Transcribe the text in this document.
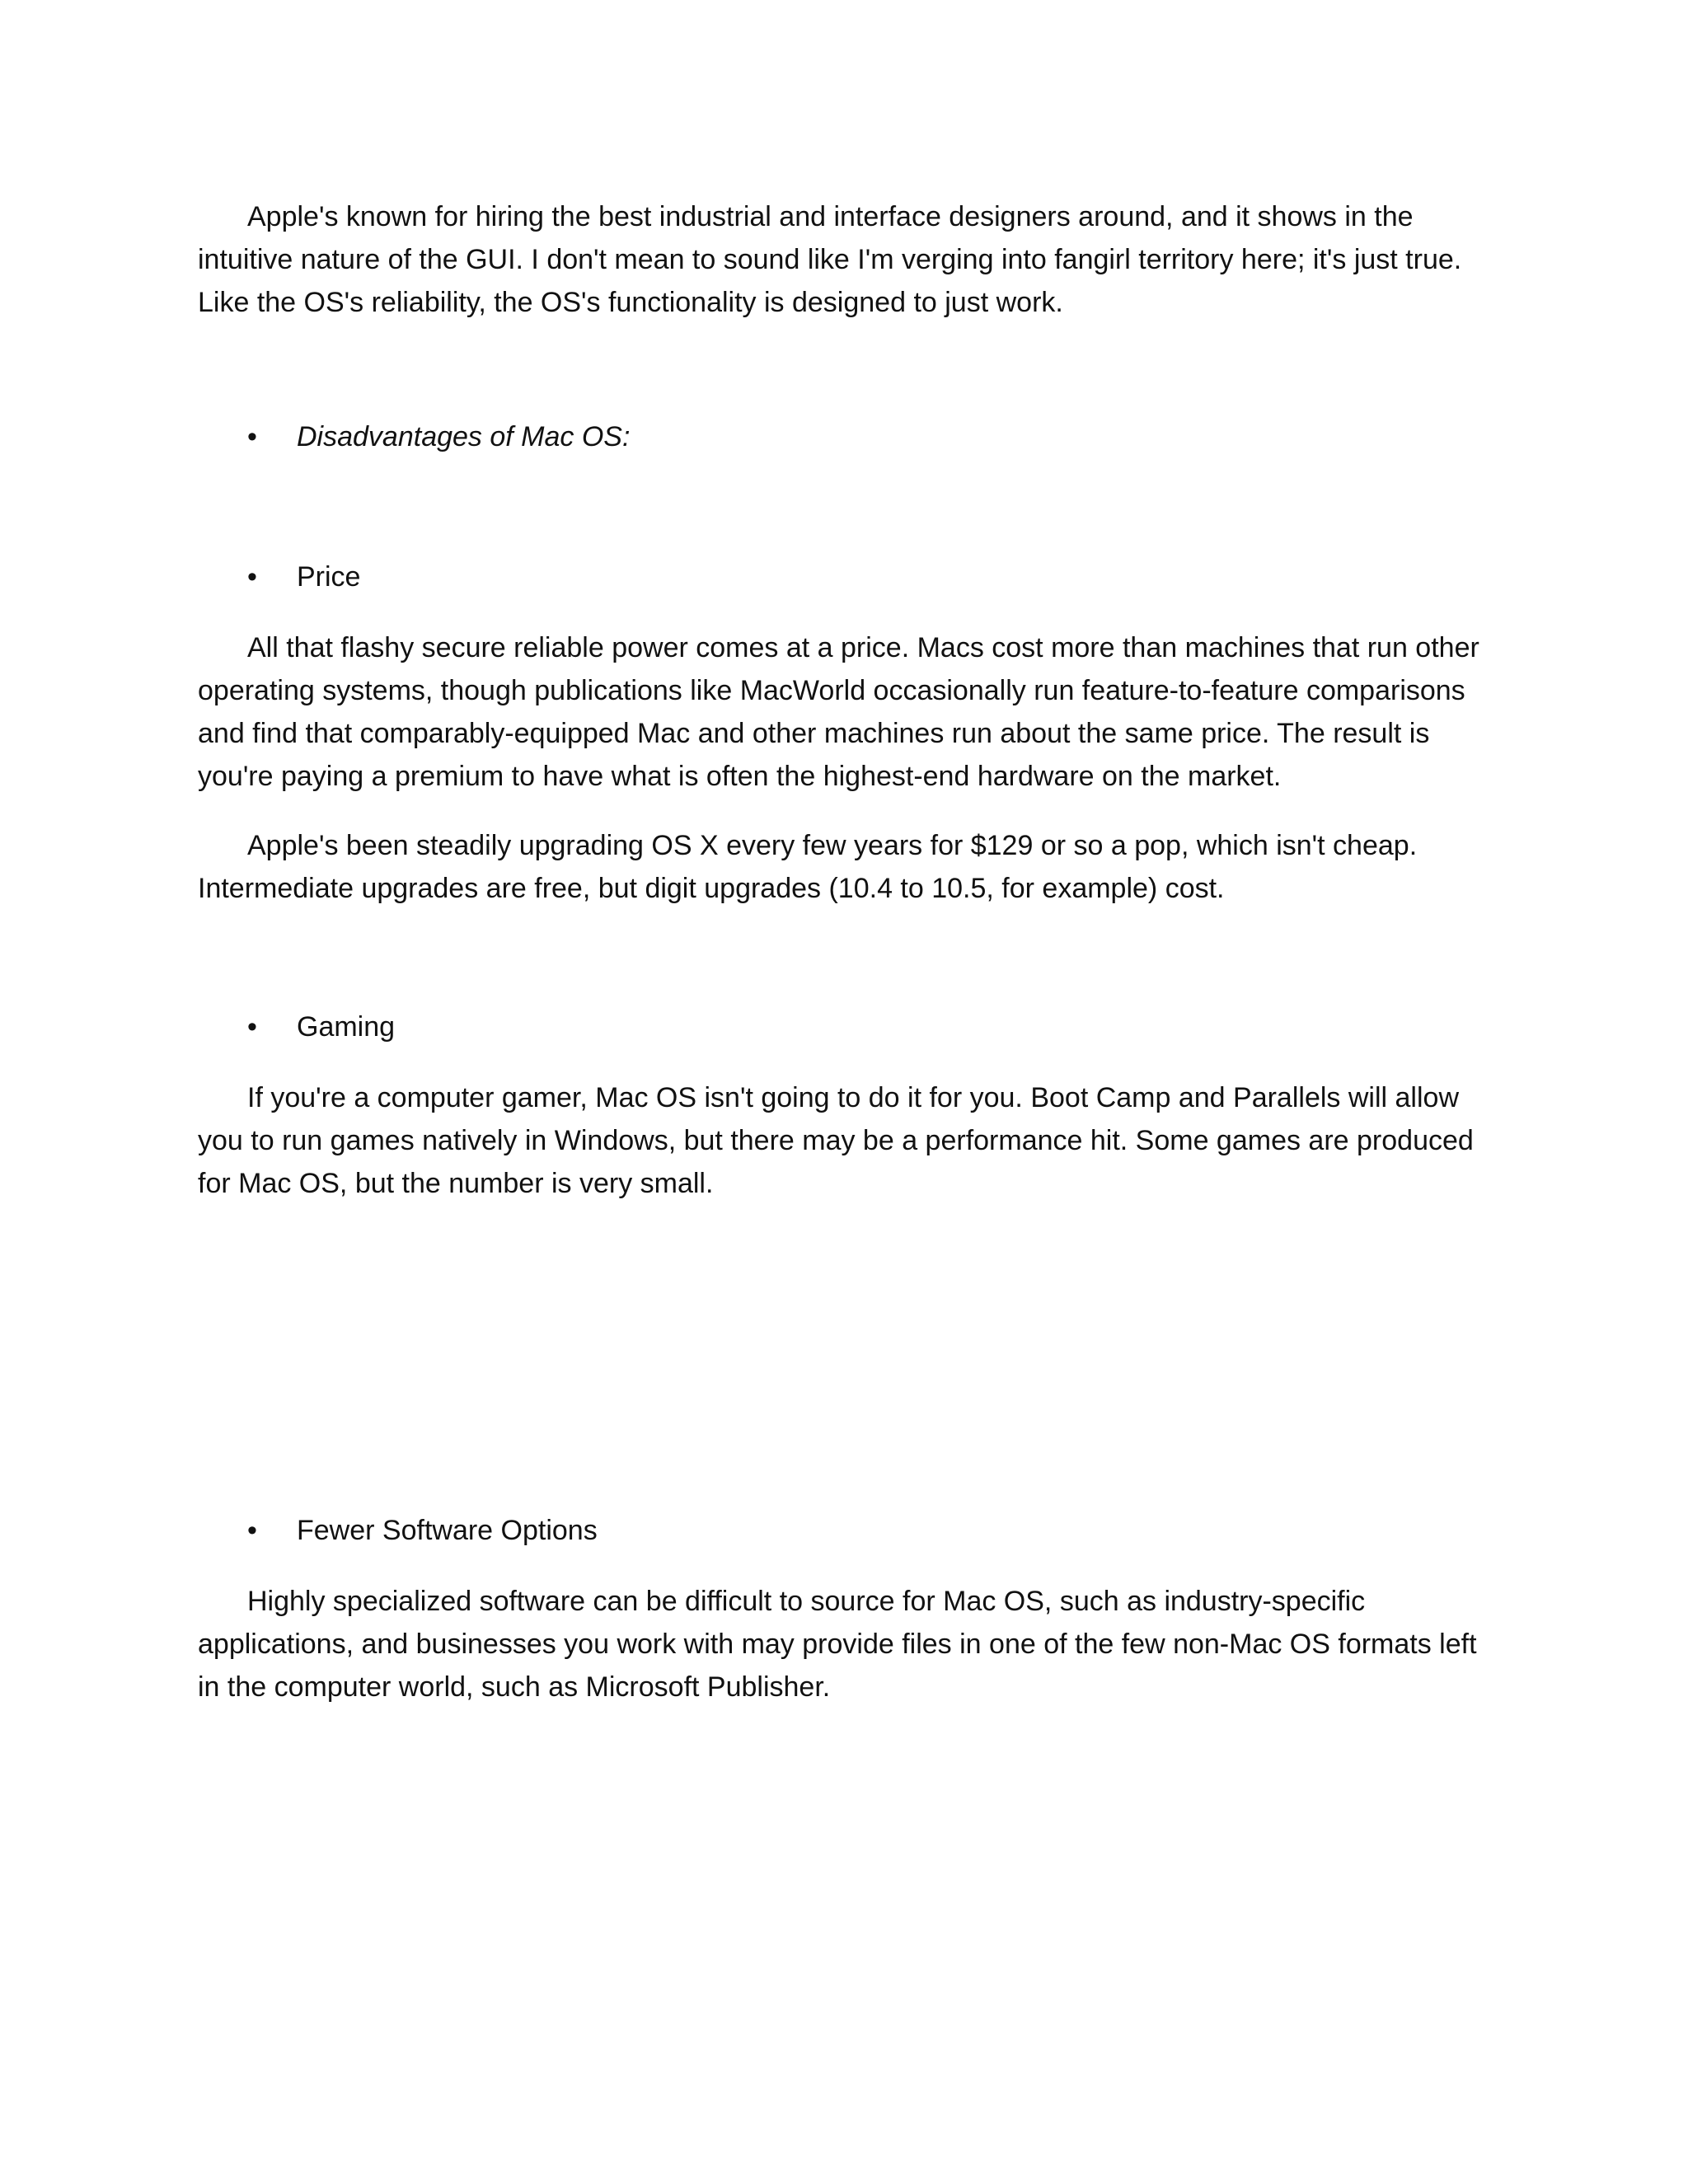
Apple's known for hiring the best industrial and interface designers around, and it shows in the intuitive nature of the GUI. I don't mean to sound like I'm verging into fangirl territory here; it's just true. Like the OS's reliability, the OS's functionality is designed to just work.

•	Disadvantages of Mac OS:
•	Price

All that flashy secure reliable power comes at a price. Macs cost more than machines that run other operating systems, though publications like MacWorld occasionally run feature-to-feature comparisons and find that comparably-equipped Mac and other machines run about the same price. The result is you're paying a premium to have what is often the highest-end hardware on the market.

Apple's been steadily upgrading OS X every few years for $129 or so a pop, which isn't cheap. Intermediate upgrades are free, but digit upgrades (10.4 to 10.5, for example) cost.

•	Gaming

If you're a computer gamer, Mac OS isn't going to do it for you. Boot Camp and Parallels will allow you to run games natively in Windows, but there may be a performance hit. Some games are produced for Mac OS, but the number is very small.

•	Fewer Software Options

Highly specialized software can be difficult to source for Mac OS, such as industry-specific applications, and businesses you work with may provide files in one of the few non-Mac OS formats left in the computer world, such as Microsoft Publisher.
